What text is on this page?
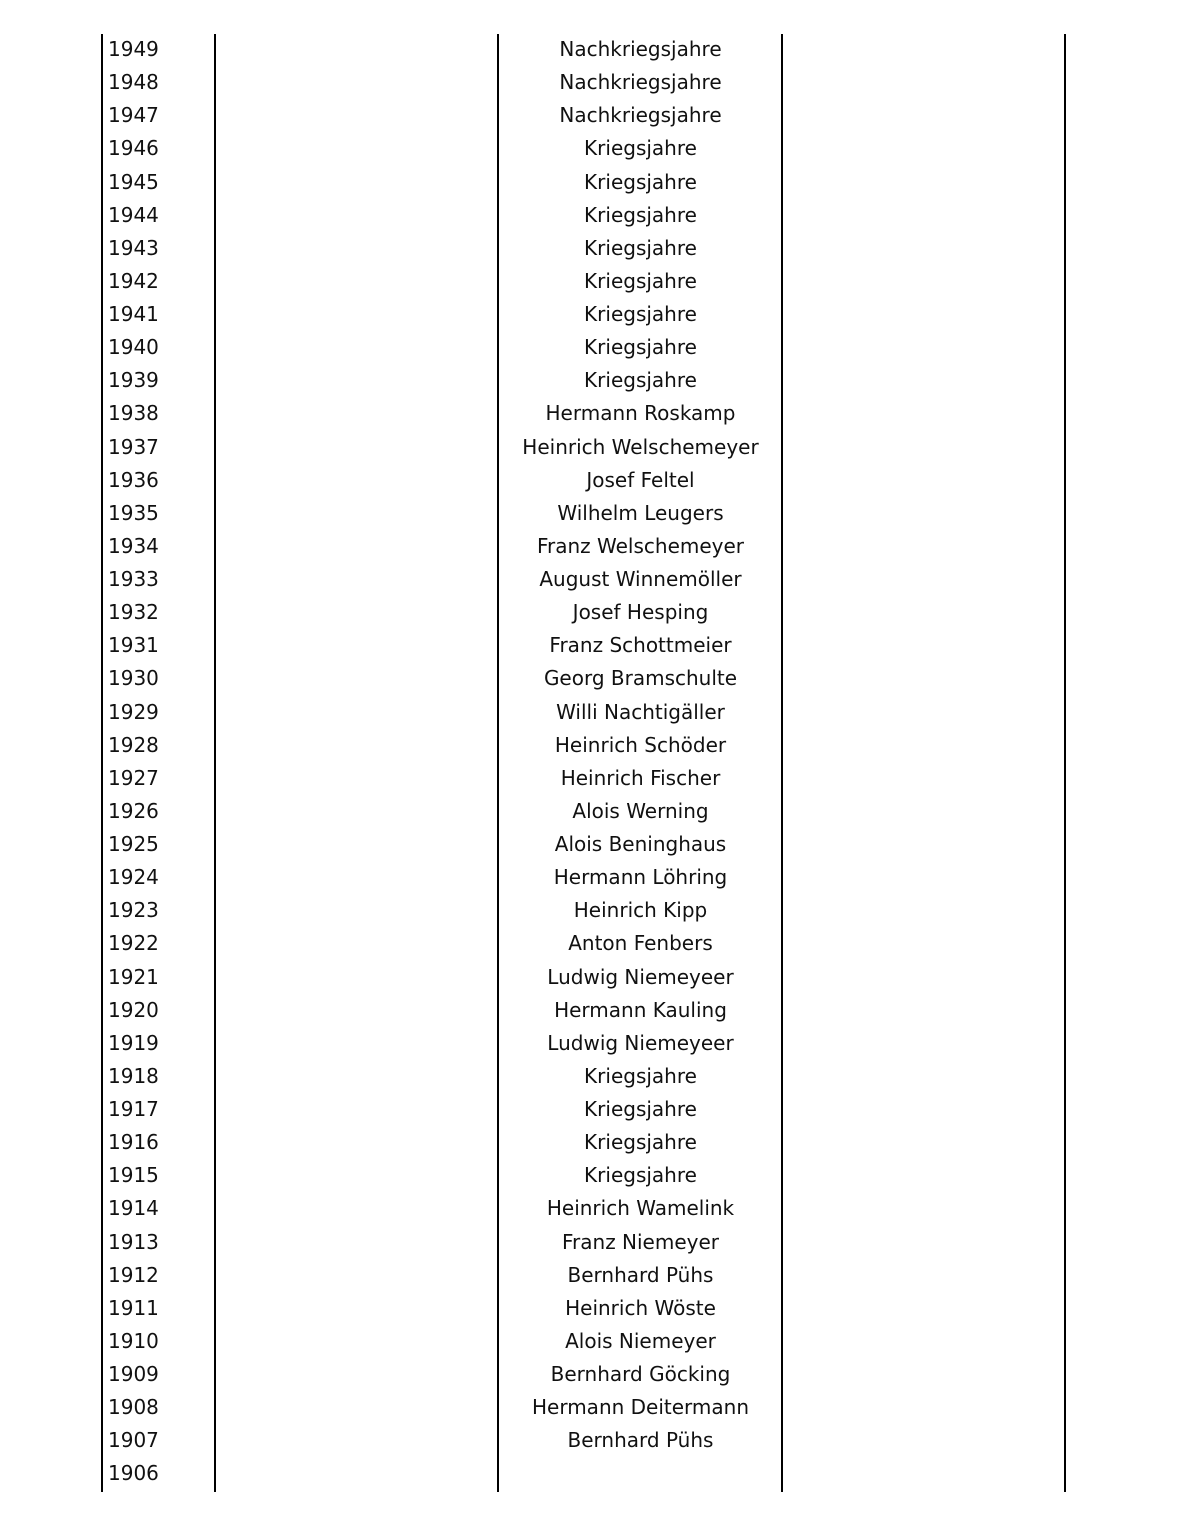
1949	Nachkriegsjahre
1948	Nachkriegsjahre
1947	Nachkriegsjahre
1946	Kriegsjahre
1945	Kriegsjahre
1944	Kriegsjahre
1943	Kriegsjahre
1942	Kriegsjahre
1941	Kriegsjahre
1940	Kriegsjahre
1939	Kriegsjahre
1938	Hermann Roskamp
1937	Heinrich Welschemeyer
1936	Josef Feltel
1935	Wilhelm Leugers
1934	Franz Welschemeyer
1933	August Winnemöller
1932	Josef Hesping
1931	Franz Schottmeier
1930	Georg Bramschulte
1929	Willi Nachtigäller
1928	Heinrich Schöder
1927	Heinrich Fischer
1926	Alois Werning
1925	Alois Beninghaus
1924	Hermann Löhring
1923	Heinrich Kipp
1922	Anton Fenbers
1921	Ludwig Niemeyeer
1920	Hermann Kauling
1919	Ludwig Niemeyeer
1918	Kriegsjahre
1917	Kriegsjahre
1916	Kriegsjahre
1915	Kriegsjahre
1914	Heinrich Wamelink
1913	Franz Niemeyer
1912	Bernhard Pühs
1911	Heinrich Wöste
1910	Alois Niemeyer
1909	Bernhard Göcking
1908	Hermann Deitermann
1907	Bernhard Pühs
1906
